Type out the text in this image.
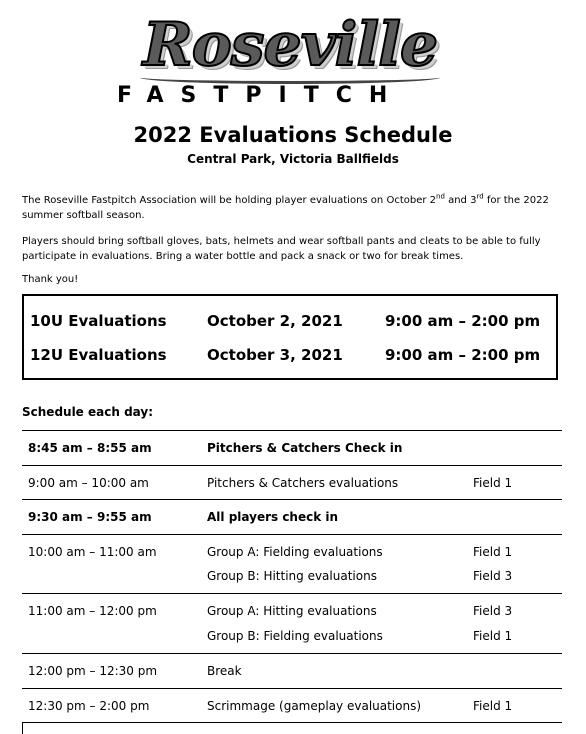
Roseville
FASTPITCH
2022 Evaluations Schedule
Central Park, Victoria Ballfields
The Roseville Fastpitch Association will be holding player evaluations on October 2nd and 3rd for the 2022
summer softball season.
Players should bring softball gloves, bats, helmets and wear softball pants and cleats to be able to fully
participate in evaluations. Bring a water bottle and pack a snack or two for break times.
Thank you!
10U Evaluations	October 2, 2021	9:00 am – 2:00 pm
12U Evaluations	October 3, 2021	9:00 am – 2:00 pm
Schedule each day:
8:45 am – 8:55 am	Pitchers & Catchers Check in
9:00 am – 10:00 am	Pitchers & Catchers evaluations	Field 1
9:30 am – 9:55 am	All players check in
10:00 am – 11:00 am	Group A: Fielding evaluations	Field 1
Group B: Hitting evaluations	Field 3
11:00 am – 12:00 pm	Group A: Hitting evaluations	Field 3
Group B: Fielding evaluations	Field 1
12:00 pm – 12:30 pm	Break
12:30 pm – 2:00 pm	Scrimmage (gameplay evaluations)	Field 1
